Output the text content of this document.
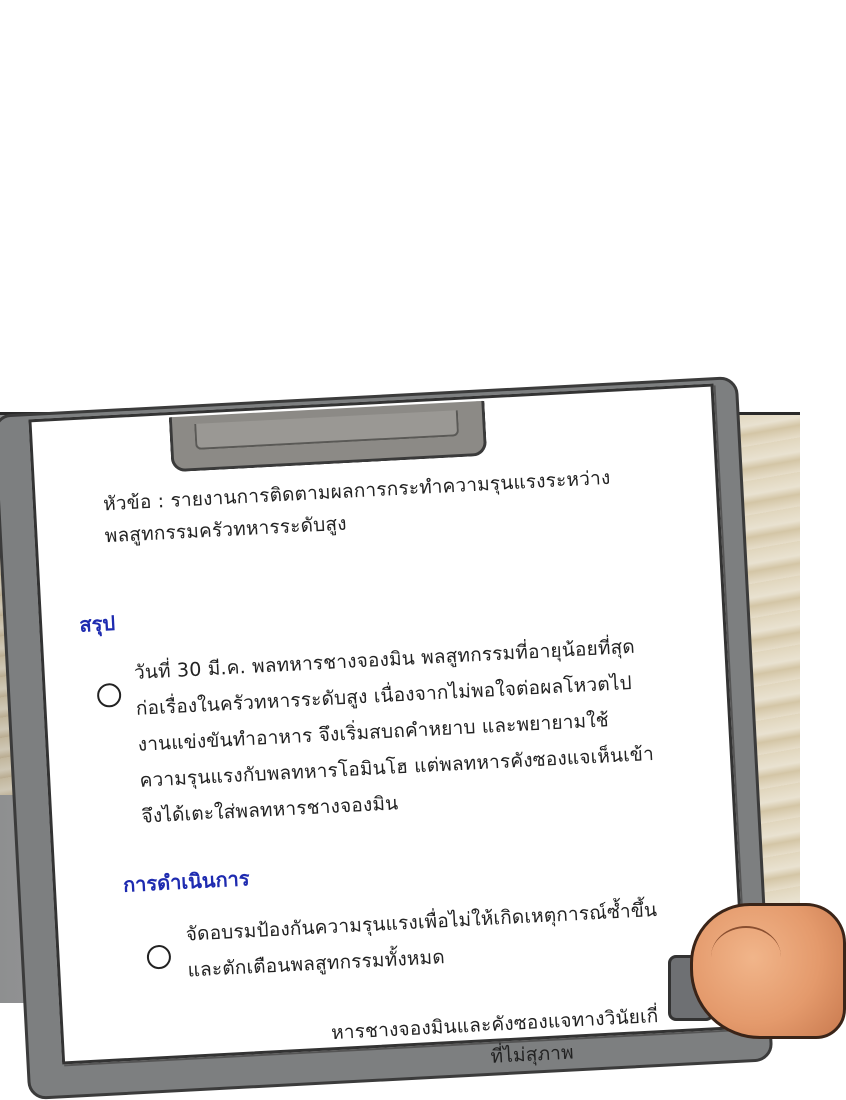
หัวข้อ : รายงานการติดตามผลการกระทำความรุนแรงระหว่าง
พลสูทกรรมครัวทหารระดับสูง
สรุป
วันที่ 30 มี.ค. พลทหารชางจองมิน พลสูทกรรมที่อายุน้อยที่สุด
ก่อเรื่องในครัวทหารระดับสูง เนื่องจากไม่พอใจต่อผลโหวตไป
งานแข่งขันทำอาหาร จึงเริ่มสบถคำหยาบ และพยายามใช้
ความรุนแรงกับพลทหารโอมินโฮ แต่พลทหารคังซองแจเห็นเข้า
จึงได้เตะใส่พลทหารชางจองมิน
การดำเนินการ
จัดอบรมป้องกันความรุนแรงเพื่อไม่ให้เกิดเหตุการณ์ซ้ำขึ้น
และตักเตือนพลสูทกรรมทั้งหมด
หารชางจองมินและคังซองแจทางวินัยเกี่
ที่ไม่สุภาพ
